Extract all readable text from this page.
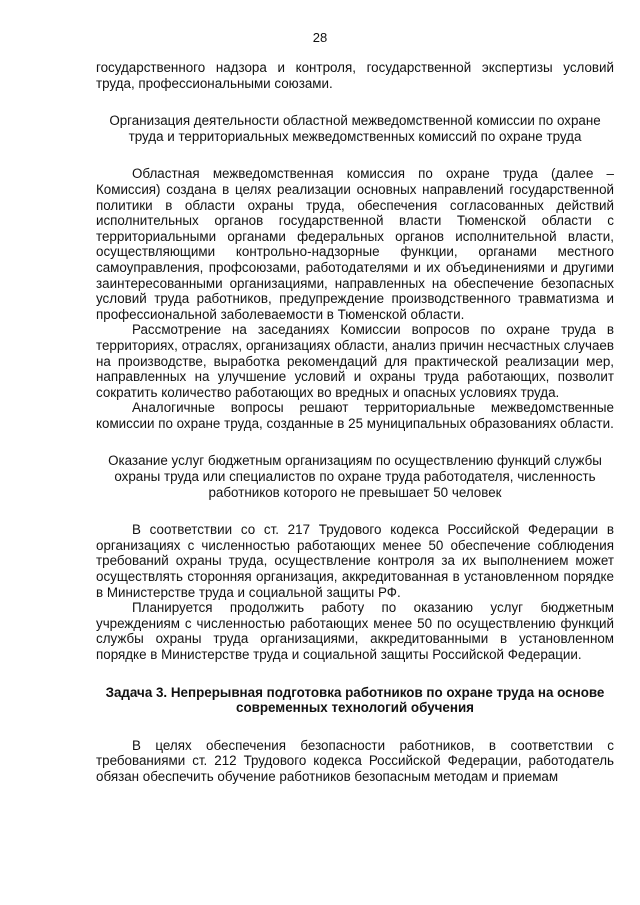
28

государственного надзора и контроля, государственной экспертизы условий труда, профессиональными союзами.

Организация деятельности областной межведомственной комиссии по охране труда и территориальных межведомственных комиссий по охране труда

Областная межведомственная комиссия по охране труда (далее – Комиссия) создана в целях реализации основных направлений государственной политики в области охраны труда, обеспечения согласованных действий исполнительных органов государственной власти Тюменской области с территориальными органами федеральных органов исполнительной власти, осуществляющими контрольно-надзорные функции, органами местного самоуправления, профсоюзами, работодателями и их объединениями и другими заинтересованными организациями, направленных на обеспечение безопасных условий труда работников, предупреждение производственного травматизма и профессиональной заболеваемости в Тюменской области.

Рассмотрение на заседаниях Комиссии вопросов по охране труда в территориях, отраслях, организациях области, анализ причин несчастных случаев на производстве, выработка рекомендаций для практической реализации мер, направленных на улучшение условий и охраны труда работающих, позволит сократить количество работающих во вредных и опасных условиях труда.

Аналогичные вопросы решают территориальные межведомственные комиссии по охране труда, созданные в 25 муниципальных образованиях области.

Оказание услуг бюджетным организациям по осуществлению функций службы охраны труда или специалистов по охране труда работодателя, численность работников которого не превышает 50 человек

В соответствии со ст. 217 Трудового кодекса Российской Федерации в организациях с численностью работающих менее 50 обеспечение соблюдения требований охраны труда, осуществление контроля за их выполнением может осуществлять сторонняя организация, аккредитованная в установленном порядке в Министерстве труда и социальной защиты РФ.

Планируется продолжить работу по оказанию услуг бюджетным учреждениям с численностью работающих менее 50 по осуществлению функций службы охраны труда организациями, аккредитованными в установленном порядке в Министерстве труда и социальной защиты Российской Федерации.

Задача 3. Непрерывная подготовка работников по охране труда на основе современных технологий обучения

В целях обеспечения безопасности работников, в соответствии с требованиями ст. 212 Трудового кодекса Российской Федерации, работодатель обязан обеспечить обучение работников безопасным методам и приемам
